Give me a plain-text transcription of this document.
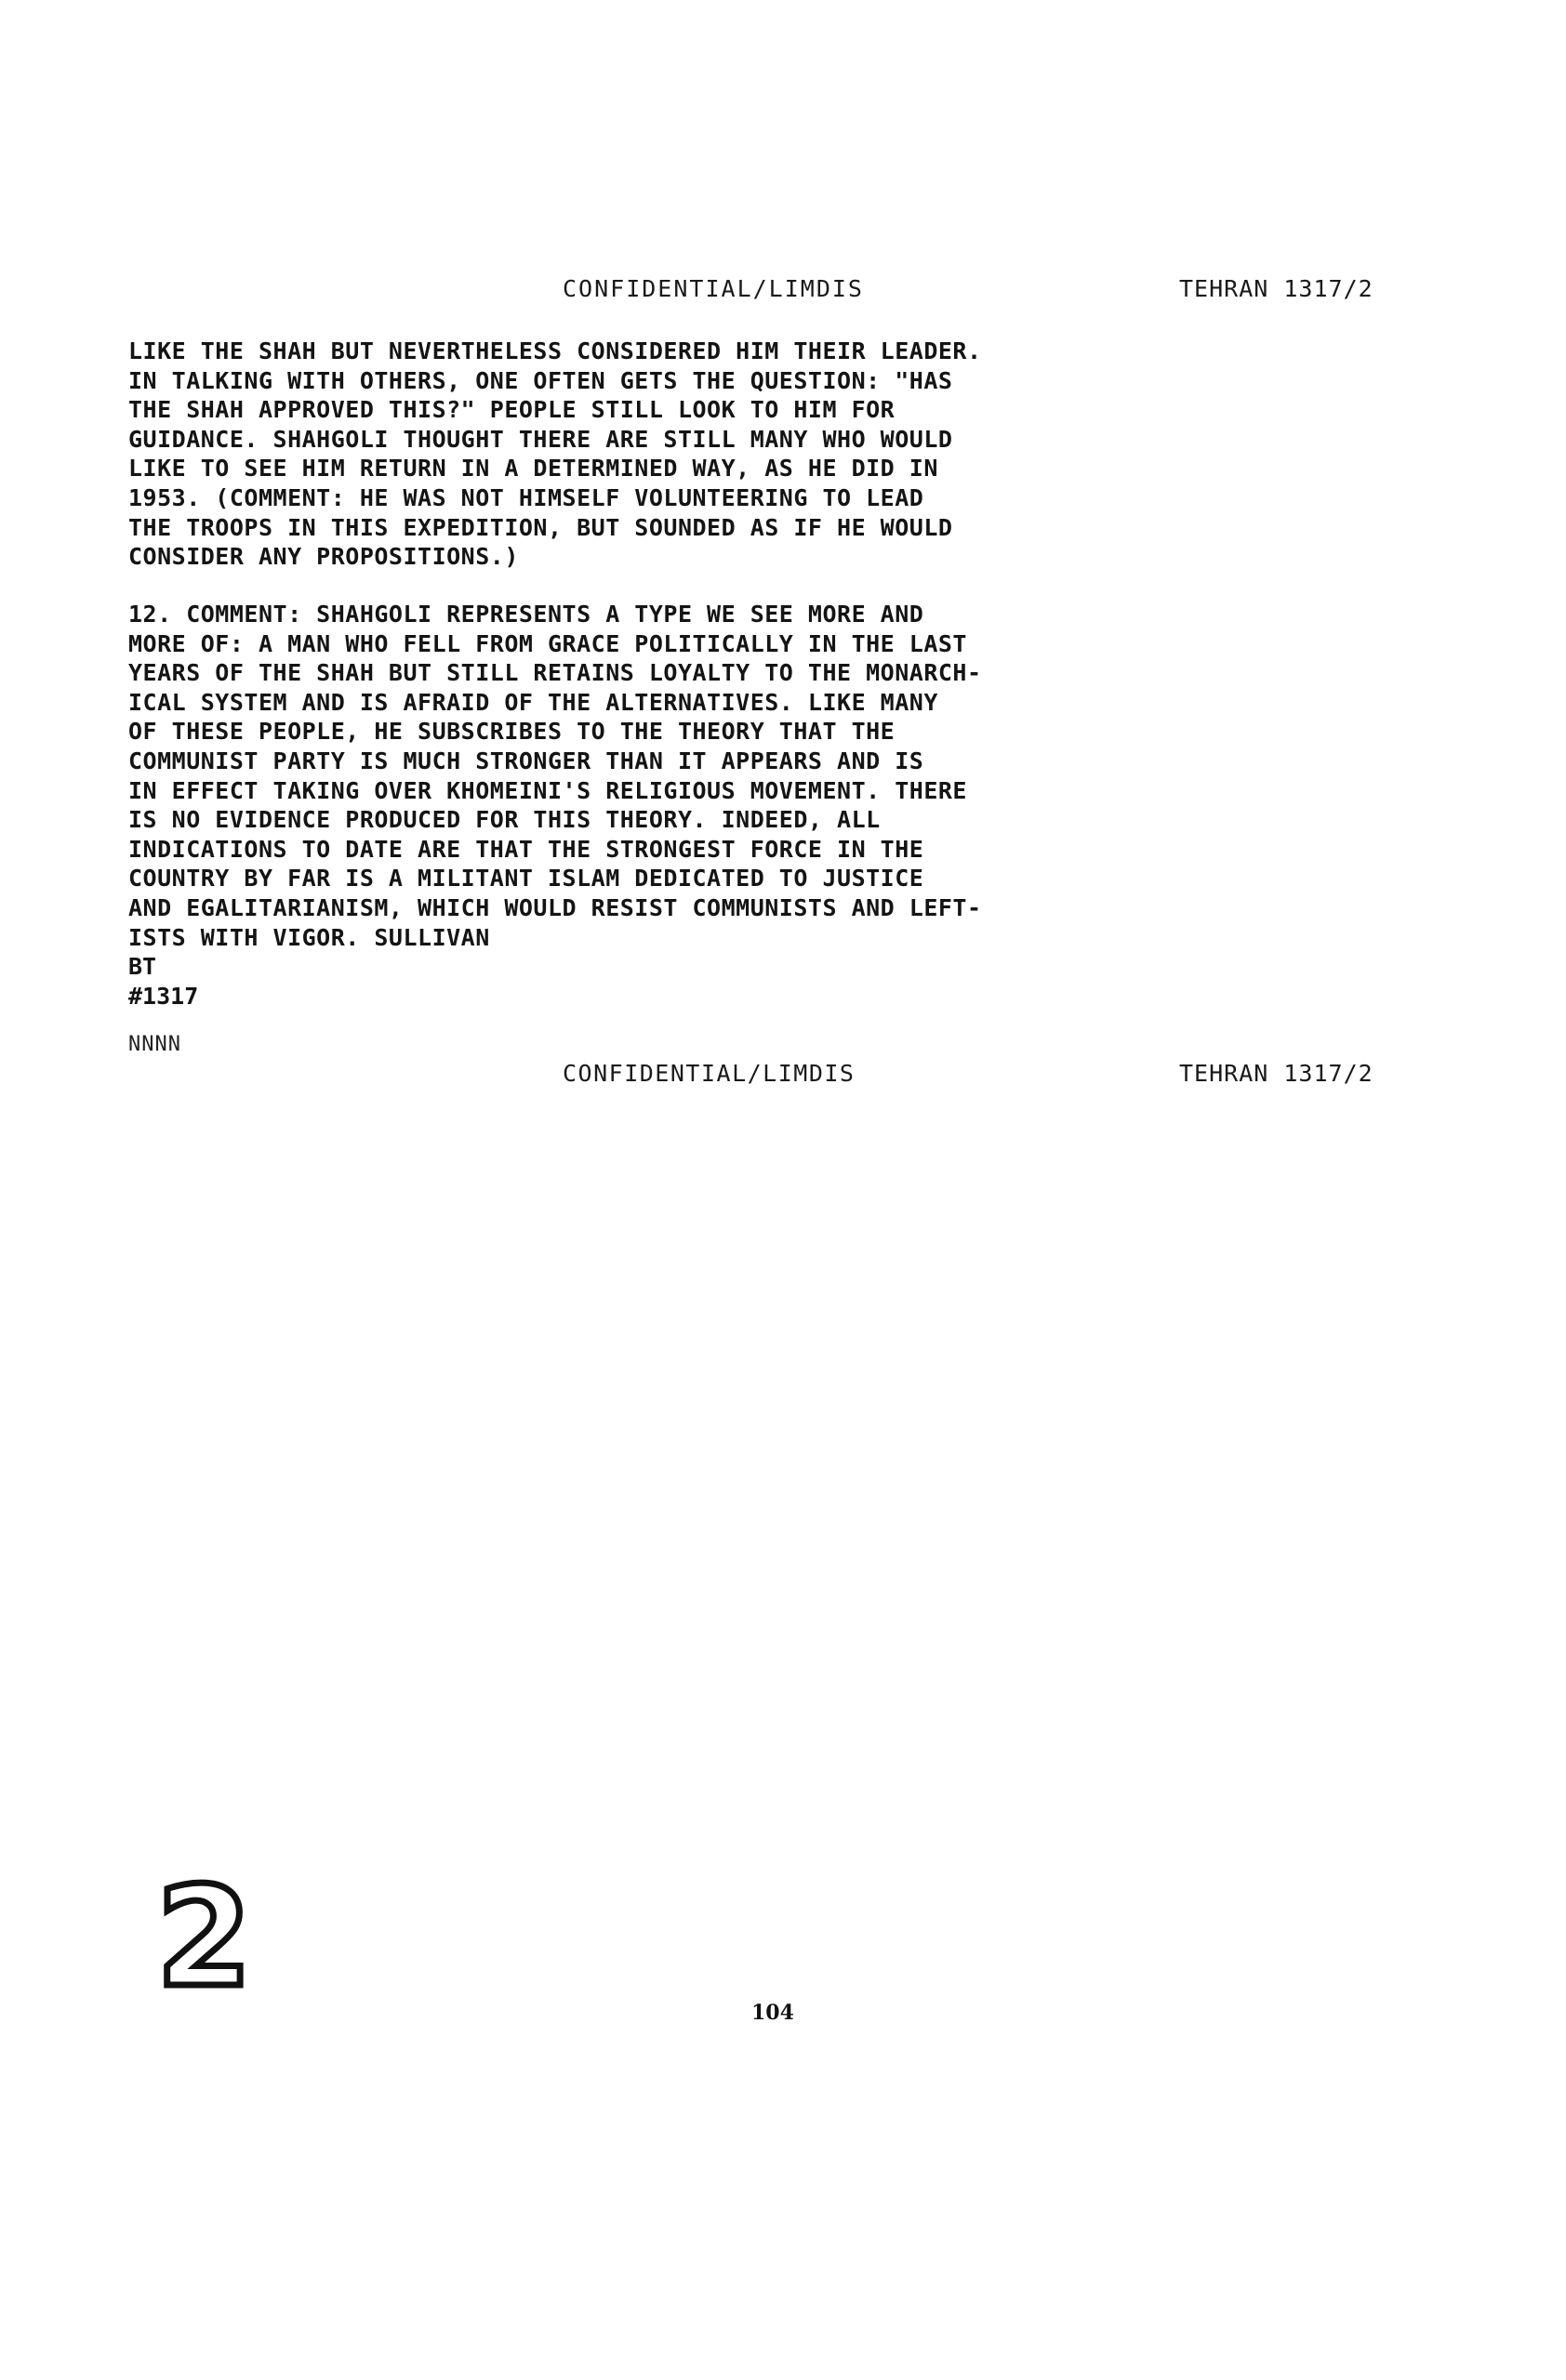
CONFIDENTIAL/LIMDIS	TEHRAN 1317/2
LIKE THE SHAH BUT NEVERTHELESS CONSIDERED HIM THEIR LEADER.
IN TALKING WITH OTHERS, ONE OFTEN GETS THE QUESTION: "HAS
THE SHAH APPROVED THIS?" PEOPLE STILL LOOK TO HIM FOR
GUIDANCE. SHAHGOLI THOUGHT THERE ARE STILL MANY WHO WOULD
LIKE TO SEE HIM RETURN IN A DETERMINED WAY, AS HE DID IN
1953. (COMMENT: HE WAS NOT HIMSELF VOLUNTEERING TO LEAD
THE TROOPS IN THIS EXPEDITION, BUT SOUNDED AS IF HE WOULD
CONSIDER ANY PROPOSITIONS.)
12. COMMENT: SHAHGOLI REPRESENTS A TYPE WE SEE MORE AND
MORE OF: A MAN WHO FELL FROM GRACE POLITICALLY IN THE LAST
YEARS OF THE SHAH BUT STILL RETAINS LOYALTY TO THE MONARCH-
ICAL SYSTEM AND IS AFRAID OF THE ALTERNATIVES. LIKE MANY
OF THESE PEOPLE, HE SUBSCRIBES TO THE THEORY THAT THE
COMMUNIST PARTY IS MUCH STRONGER THAN IT APPEARS AND IS
IN EFFECT TAKING OVER KHOMEINI'S RELIGIOUS MOVEMENT. THERE
IS NO EVIDENCE PRODUCED FOR THIS THEORY. INDEED, ALL
INDICATIONS TO DATE ARE THAT THE STRONGEST FORCE IN THE
COUNTRY BY FAR IS A MILITANT ISLAM DEDICATED TO JUSTICE
AND EGALITARIANISM, WHICH WOULD RESIST COMMUNISTS AND LEFT-
ISTS WITH VIGOR. SULLIVAN
BT
#1317
NNNN
CONFIDENTIAL/LIMDIS	TEHRAN 1317/2
2	104
